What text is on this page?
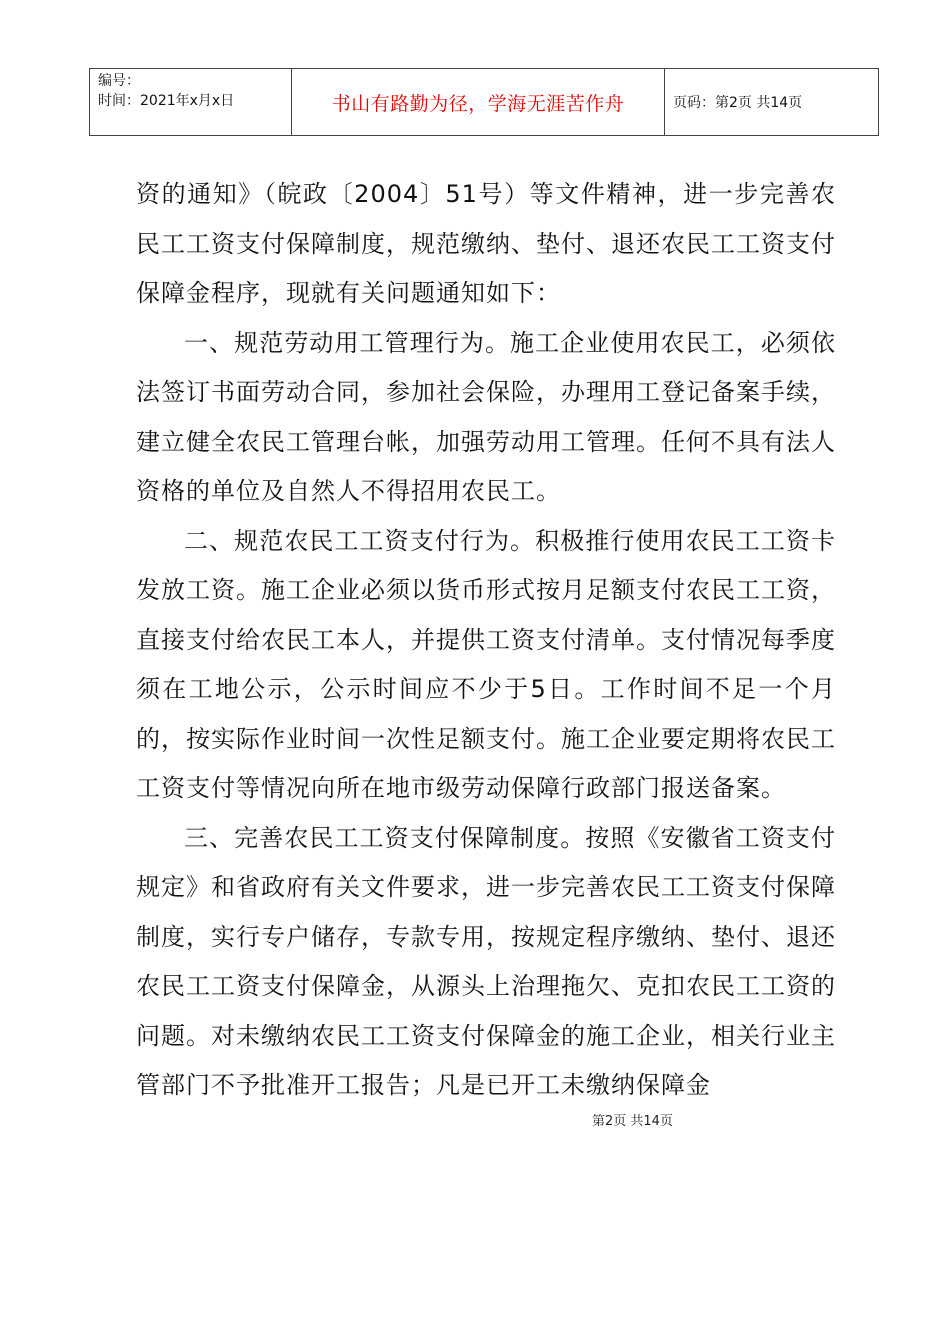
编号：
时间：2021年x月x日	书山有路勤为径，学海无涯苦作舟	页码：第2页 共14页

资的通知》（皖政〔2004〕51号）等文件精神，进一步完善农民工工资支付保障制度，规范缴纳、垫付、退还农民工工资支付保障金程序，现就有关问题通知如下：

一、规范劳动用工管理行为。施工企业使用农民工，必须依法签订书面劳动合同，参加社会保险，办理用工登记备案手续，建立健全农民工管理台帐，加强劳动用工管理。任何不具有法人资格的单位及自然人不得招用农民工。

二、规范农民工工资支付行为。积极推行使用农民工工资卡发放工资。施工企业必须以货币形式按月足额支付农民工工资，直接支付给农民工本人，并提供工资支付清单。支付情况每季度须在工地公示，公示时间应不少于5日。工作时间不足一个月的，按实际作业时间一次性足额支付。施工企业要定期将农民工工资支付等情况向所在地市级劳动保障行政部门报送备案。

三、完善农民工工资支付保障制度。按照《安徽省工资支付规定》和省政府有关文件要求，进一步完善农民工工资支付保障制度，实行专户储存，专款专用，按规定程序缴纳、垫付、退还农民工工资支付保障金，从源头上治理拖欠、克扣农民工工资的问题。对未缴纳农民工工资支付保障金的施工企业，相关行业主管部门不予批准开工报告；凡是已开工未缴纳保障金

第2页 共14页
